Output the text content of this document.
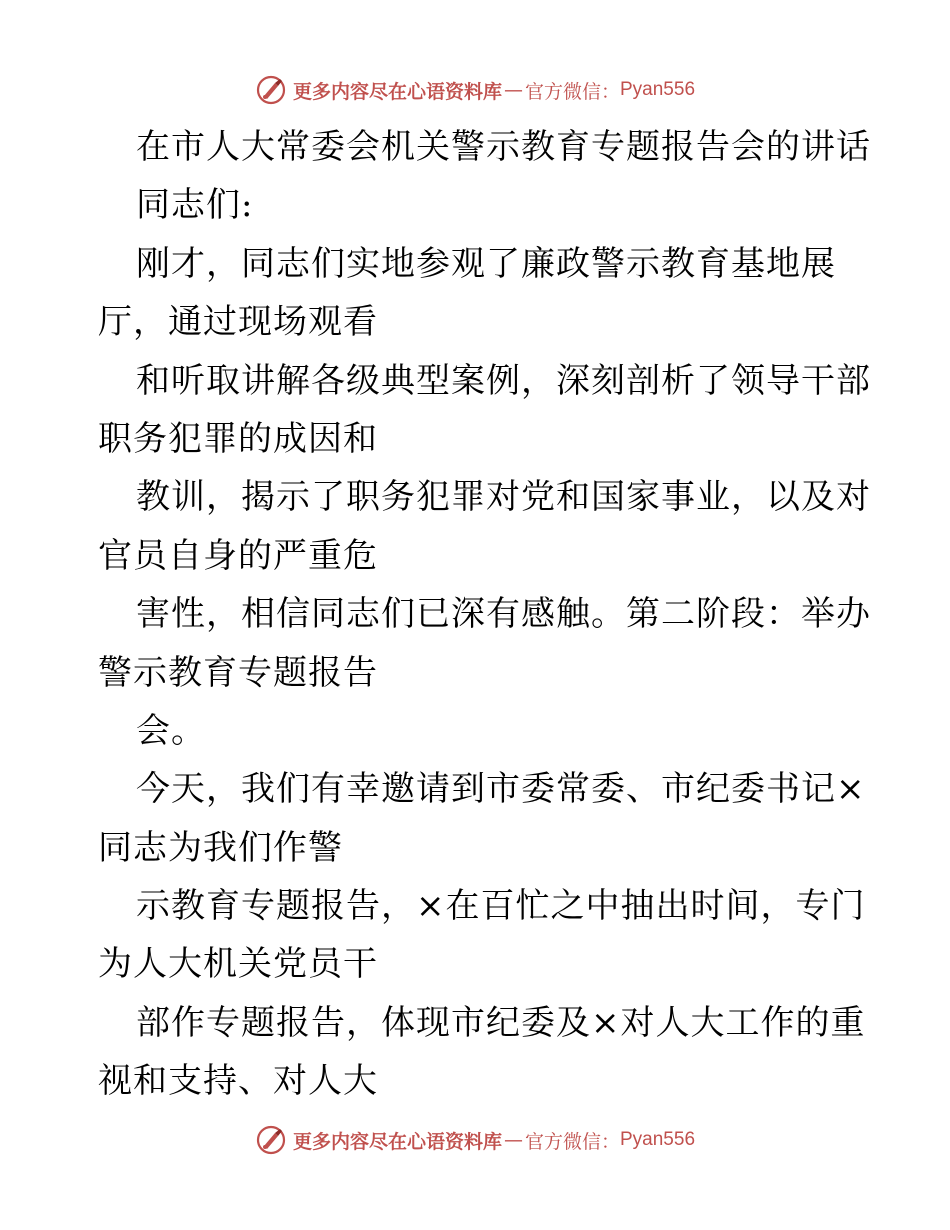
更多内容尽在心语资料库 — 官方微信： Pyan556
在市人大常委会机关警示教育专题报告会的讲话
同志们:
刚才，同志们实地参观了廉政警示教育基地展
厅，通过现场观看
和听取讲解各级典型案例，深刻剖析了领导干部
职务犯罪的成因和
教训，揭示了职务犯罪对党和国家事业，以及对
官员自身的严重危
害性，相信同志们已深有感触。第二阶段：举办
警示教育专题报告
会。
今天，我们有幸邀请到市委常委、市纪委书记×
同志为我们作警
示教育专题报告，×在百忙之中抽出时间，专门
为人大机关党员干
部作专题报告，体现市纪委及×对人大工作的重
视和支持、对人大
更多内容尽在心语资料库 — 官方微信： Pyan556
